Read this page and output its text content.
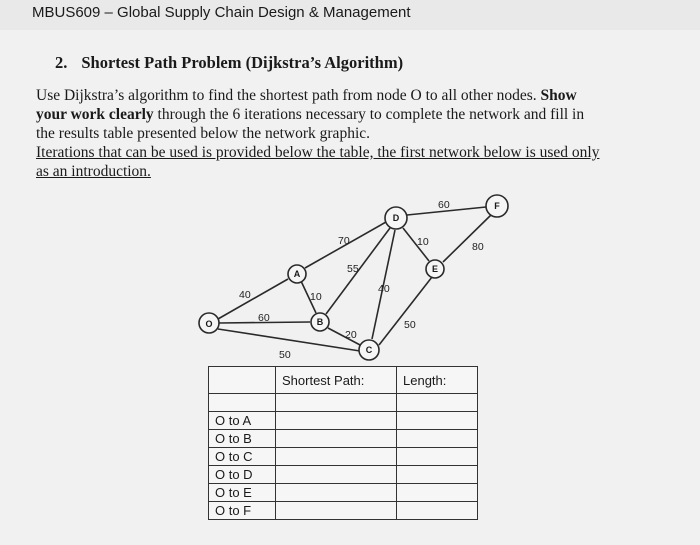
MBUS609 – Global Supply Chain Design & Management
2. Shortest Path Problem (Dijkstra’s Algorithm)
Use Dijkstra’s algorithm to find the shortest path from node O to all other nodes. Show
your work clearly through the 6 iterations necessary to complete the network and fill in
the results table presented below the network graphic.
Iterations that can be used is provided below the table, the first network below is used only
as an introduction.
O
A
B
C
D
E
F
40
60
50
10
70
55
20
40
10
50
60
80
	Shortest Path:	Length:

O to A		
O to B		
O to C		
O to D		
O to E		
O to F		
